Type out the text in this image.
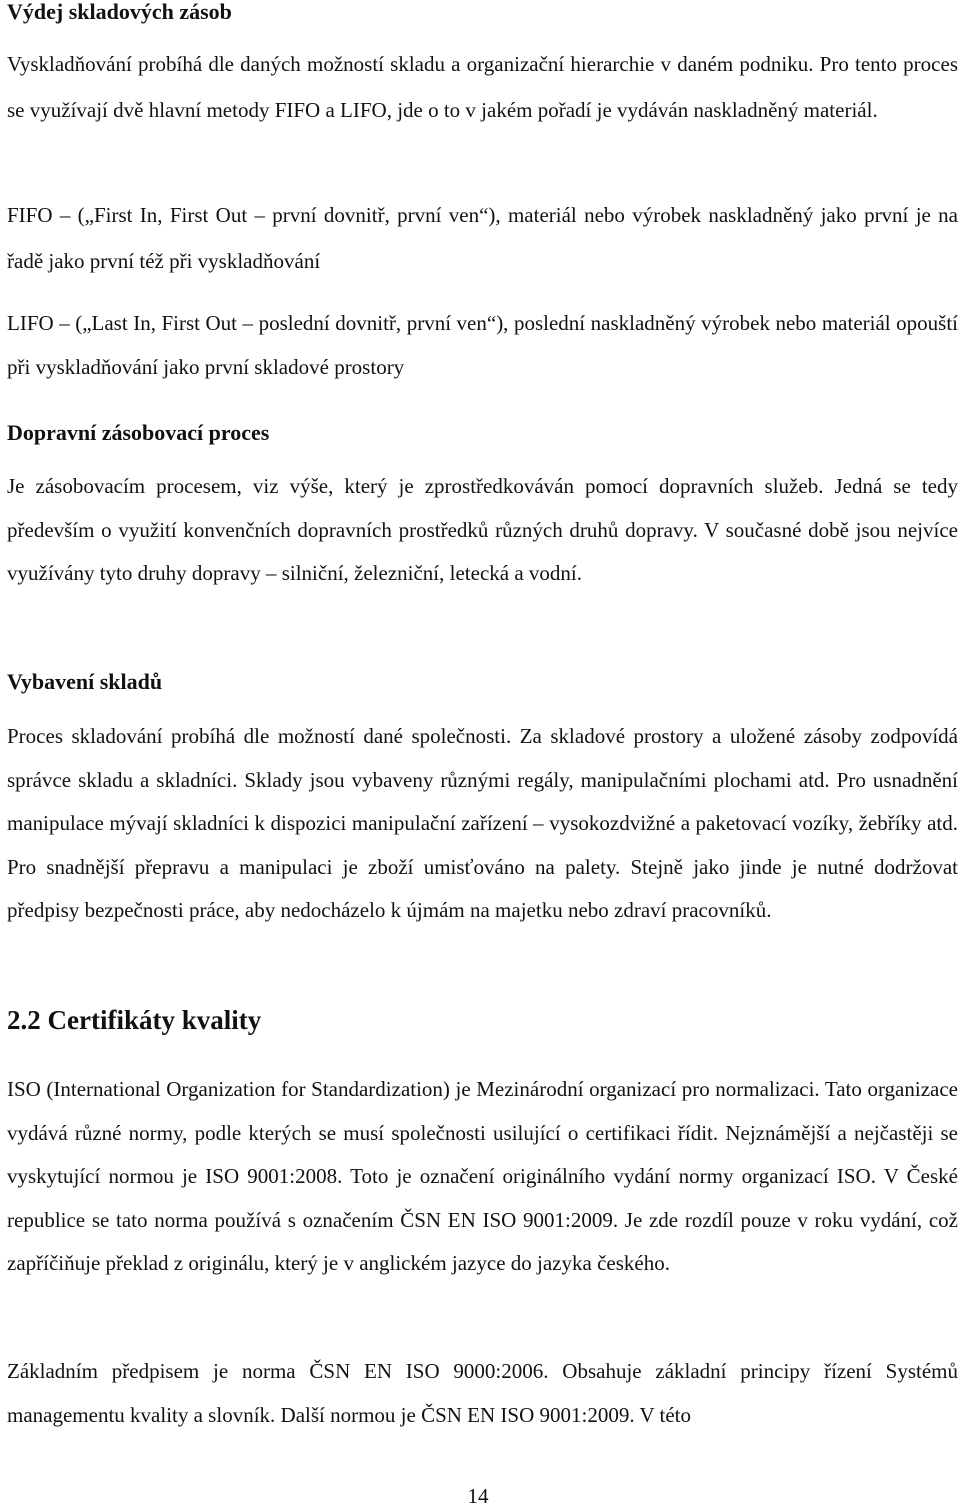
Výdej skladových zásob

Vyskladňování probíhá dle daných možností skladu a organizační hierarchie v daném podniku. Pro tento proces se využívají dvě hlavní metody FIFO a LIFO, jde o to v jakém pořadí je vydáván naskladněný materiál.

FIFO – („First In, First Out – první dovnitř, první ven“), materiál nebo výrobek naskladněný jako první je na řadě jako první též při vyskladňování

LIFO – („Last In, First Out – poslední dovnitř, první ven“), poslední naskladněný výrobek nebo materiál opouští při vyskladňování jako první skladové prostory

Dopravní zásobovací proces

Je zásobovacím procesem, viz výše, který je zprostředkováván pomocí dopravních služeb. Jedná se tedy především o využití konvenčních dopravních prostředků různých druhů dopravy. V současné době jsou nejvíce využívány tyto druhy dopravy – silniční, železniční, letecká a vodní.

Vybavení skladů

Proces skladování probíhá dle možností dané společnosti. Za skladové prostory a uložené zásoby zodpovídá správce skladu a skladníci. Sklady jsou vybaveny různými regály, manipulačními plochami atd. Pro usnadnění manipulace mývají skladníci k dispozici manipulační zařízení – vysokozdvižné a paketovací vozíky, žebříky atd. Pro snadnější přepravu a manipulaci je zboží umisťováno na palety. Stejně jako jinde je nutné dodržovat předpisy bezpečnosti práce, aby nedocházelo k újmám na majetku nebo zdraví pracovníků.

2.2 Certifikáty kvality

ISO (International Organization for Standardization) je Mezinárodní organizací pro normalizaci. Tato organizace vydává různé normy, podle kterých se musí společnosti usilující o certifikaci řídit. Nejznámější a nejčastěji se vyskytující normou je ISO 9001:2008. Toto je označení originálního vydání normy organizací ISO. V České republice se tato norma používá s označením ČSN EN ISO 9001:2009. Je zde rozdíl pouze v roku vydání, což zapříčiňuje překlad z originálu, který je v anglickém jazyce do jazyka českého.

Základním předpisem je norma ČSN EN ISO 9000:2006. Obsahuje základní principy řízení Systémů managementu kvality a slovník. Další normou je ČSN EN ISO 9001:2009. V této

14
